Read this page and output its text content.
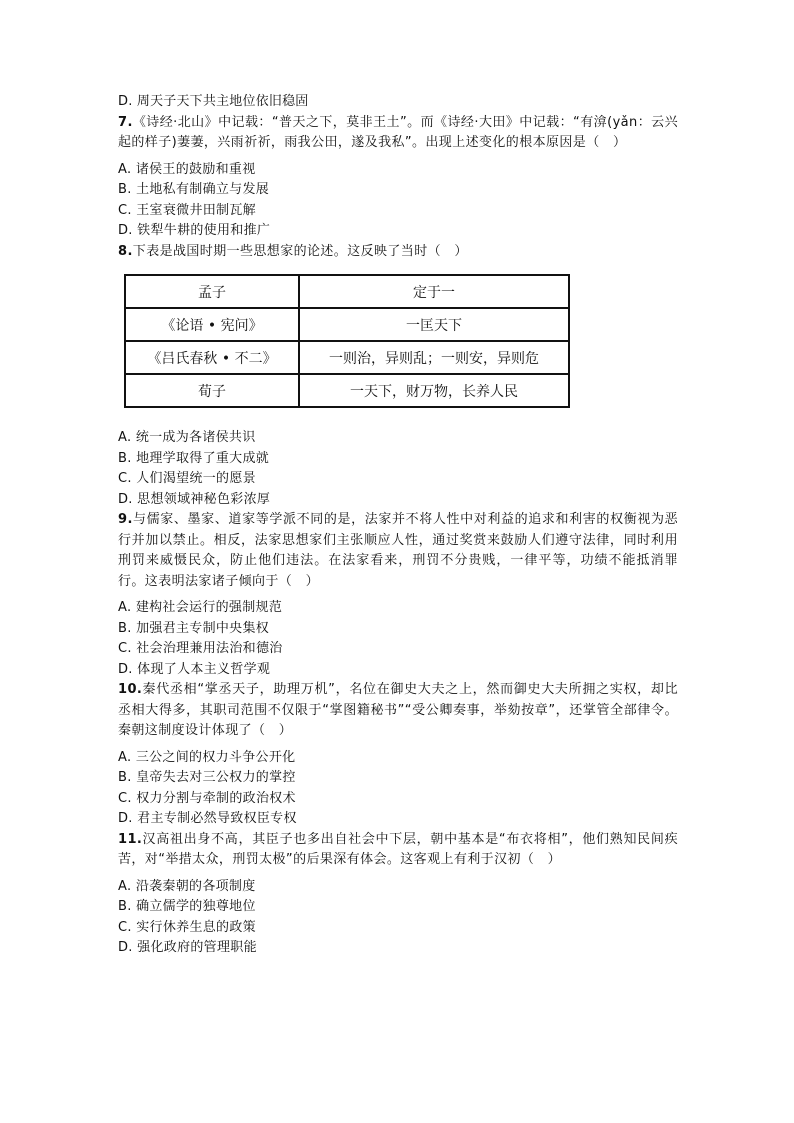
D. 周天子天下共主地位依旧稳固
7.《诗经·北山》中记载：“普天之下，莫非王土”。而《诗经·大田》中记载：“有渰(yǎn：云兴起的样子)萋萋，兴雨祈祈，雨我公田，遂及我私”。出现上述变化的根本原因是（　）
A. 诸侯王的鼓励和重视
B. 土地私有制确立与发展
C. 王室衰微井田制瓦解
D. 铁犁牛耕的使用和推广
8.下表是战国时期一些思想家的论述。这反映了当时（　）
孟子	定于一
《论语 • 宪问》	一匡天下
《吕氏春秋 • 不二》	一则治，异则乱；一则安，异则危
荀子	一天下，财万物，长养人民
A. 统一成为各诸侯共识
B. 地理学取得了重大成就
C. 人们渴望统一的愿景
D. 思想领域神秘色彩浓厚
9.与儒家、墨家、道家等学派不同的是，法家并不将人性中对利益的追求和利害的权衡视为恶行并加以禁止。相反，法家思想家们主张顺应人性，通过奖赏来鼓励人们遵守法律，同时利用刑罚来威慑民众，防止他们违法。在法家看来，刑罚不分贵贱，一律平等，功绩不能抵消罪行。这表明法家诸子倾向于（　）
A. 建构社会运行的强制规范
B. 加强君主专制中央集权
C. 社会治理兼用法治和德治
D. 体现了人本主义哲学观
10.秦代丞相“掌丞天子，助理万机”，名位在御史大夫之上，然而御史大夫所拥之实权，却比丞相大得多，其职司范围不仅限于“掌图籍秘书”“受公卿奏事，举劾按章”，还掌管全部律令。秦朝这制度设计体现了（　）
A. 三公之间的权力斗争公开化
B. 皇帝失去对三公权力的掌控
C. 权力分割与牵制的政治权术
D. 君主专制必然导致权臣专权
11.汉高祖出身不高，其臣子也多出自社会中下层，朝中基本是“布衣将相”，他们熟知民间疾苦，对“举措太众，刑罚太极”的后果深有体会。这客观上有利于汉初（　）
A. 沿袭秦朝的各项制度
B. 确立儒学的独尊地位
C. 实行休养生息的政策
D. 强化政府的管理职能
